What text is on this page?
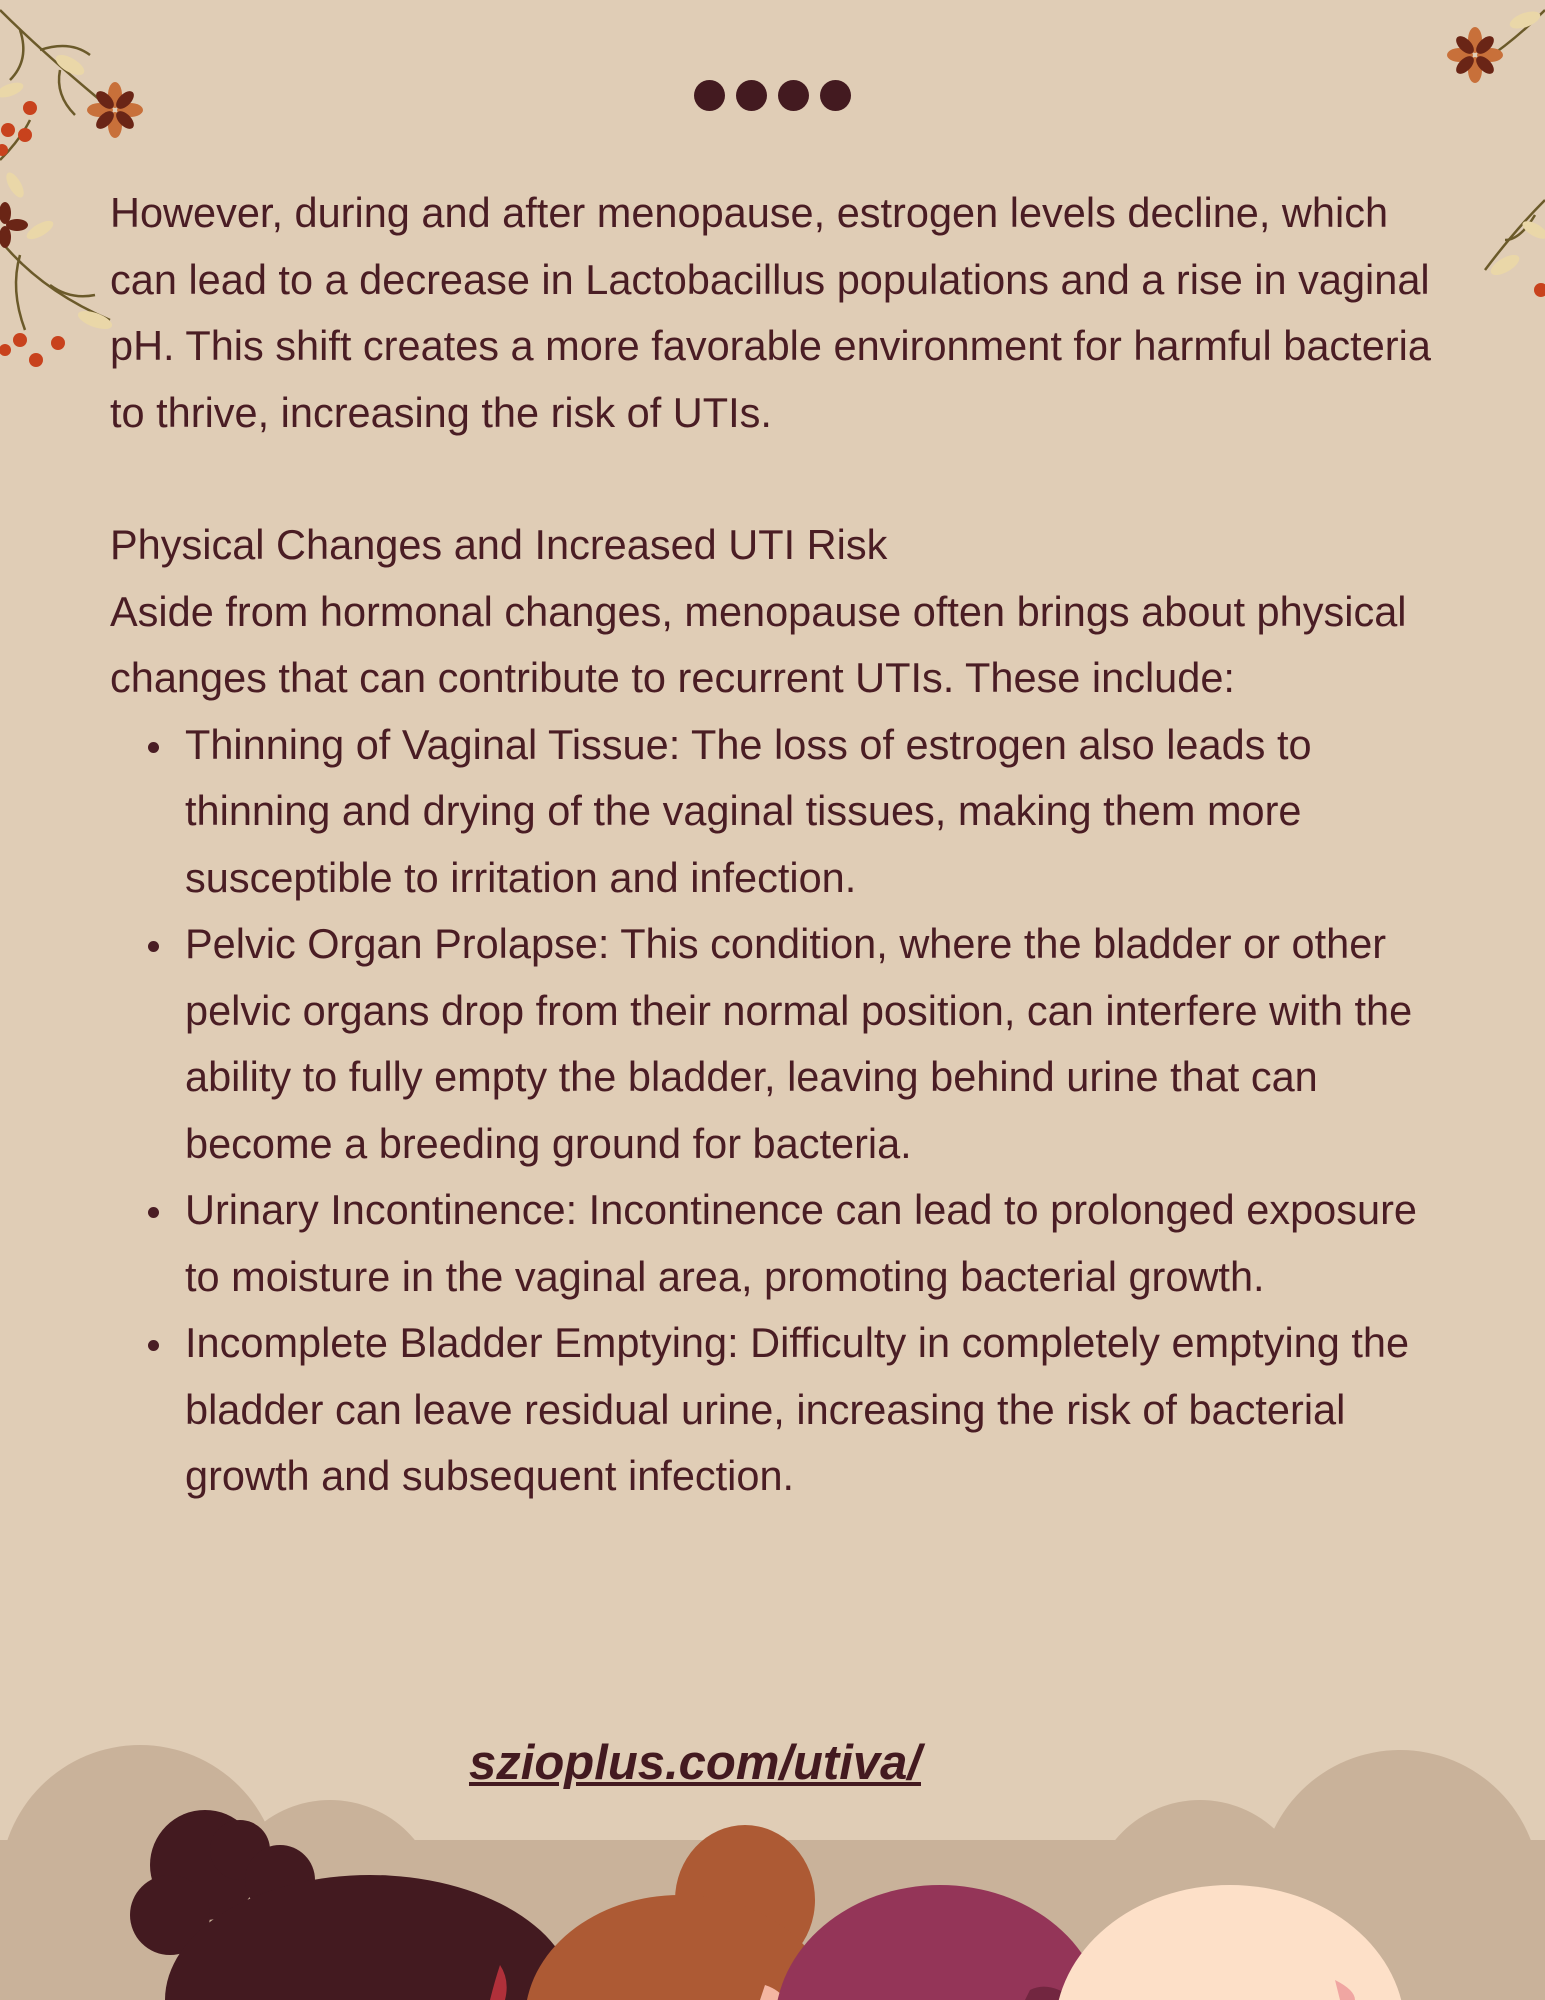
However, during and after menopause, estrogen levels decline, which can lead to a decrease in Lactobacillus populations and a rise in vaginal pH. This shift creates a more favorable environment for harmful bacteria to thrive, increasing the risk of UTIs.

Physical Changes and Increased UTI Risk

Aside from hormonal changes, menopause often brings about physical changes that can contribute to recurrent UTIs. These include:

Thinning of Vaginal Tissue: The loss of estrogen also leads to thinning and drying of the vaginal tissues, making them more susceptible to irritation and infection.
Pelvic Organ Prolapse: This condition, where the bladder or other pelvic organs drop from their normal position, can interfere with the ability to fully empty the bladder, leaving behind urine that can become a breeding ground for bacteria.
Urinary Incontinence: Incontinence can lead to prolonged exposure to moisture in the vaginal area, promoting bacterial growth.
Incomplete Bladder Emptying: Difficulty in completely emptying the bladder can leave residual urine, increasing the risk of bacterial growth and subsequent infection.
szioplus.com/utiva/
